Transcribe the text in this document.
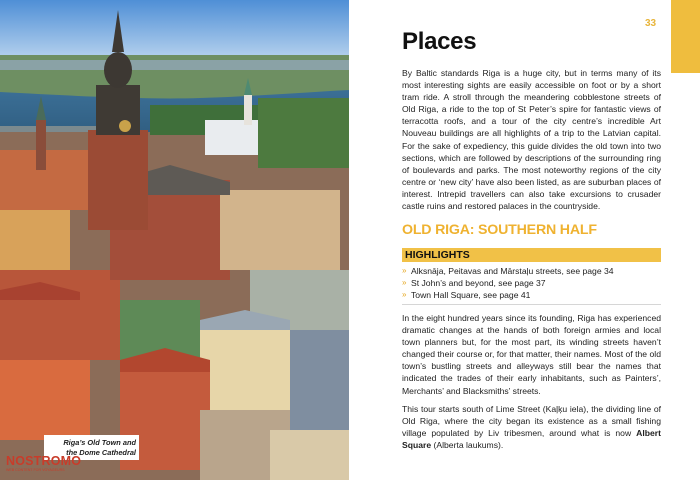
Riga’s Old Town and
the Dome Cathedral
NOSTROMO
WEB CONTENT FOR VOYAGEURS
33
Places

By Baltic standards Riga is a huge city, but in terms many of its most interesting sights are easily accessible on foot or by a short tram ride. A stroll through the meandering cobblestone streets of Old Riga, a ride to the top of St Peter’s spire for fantastic views of terracotta roofs, and a tour of the city centre’s incredible Art Nouveau buildings are all highlights of a trip to the Latvian capital. For the sake of expediency, this guide divides the old town into two sections, which are followed by descriptions of the surrounding ring of boulevards and parks. The most noteworthy regions of the city centre or ‘new city’ have also been listed, as are suburban places of interest. Intrepid travellers can also take excursions to crusader castle ruins and restored palaces in the countryside.

OLD RIGA: SOUTHERN HALF
HIGHLIGHTS
» Alksnāja, Peitavas and Mārstaļu streets, see page 34
» St John’s and beyond, see page 37
» Town Hall Square, see page 41

In the eight hundred years since its founding, Riga has experienced dramatic changes at the hands of both foreign armies and local town planners but, for the most part, its winding streets haven’t changed their course or, for that matter, their names. Most of the old town’s bustling streets and alleyways still bear the names that indicated the trades of their early inhabitants, such as Painters’, Merchants’ and Blacksmiths’ streets.

This tour starts south of Lime Street (Kaļķu iela), the dividing line of Old Riga, where the city began its existence as a small fishing village populated by Liv tribesmen, around what is now Albert Square (Alberta laukums).
